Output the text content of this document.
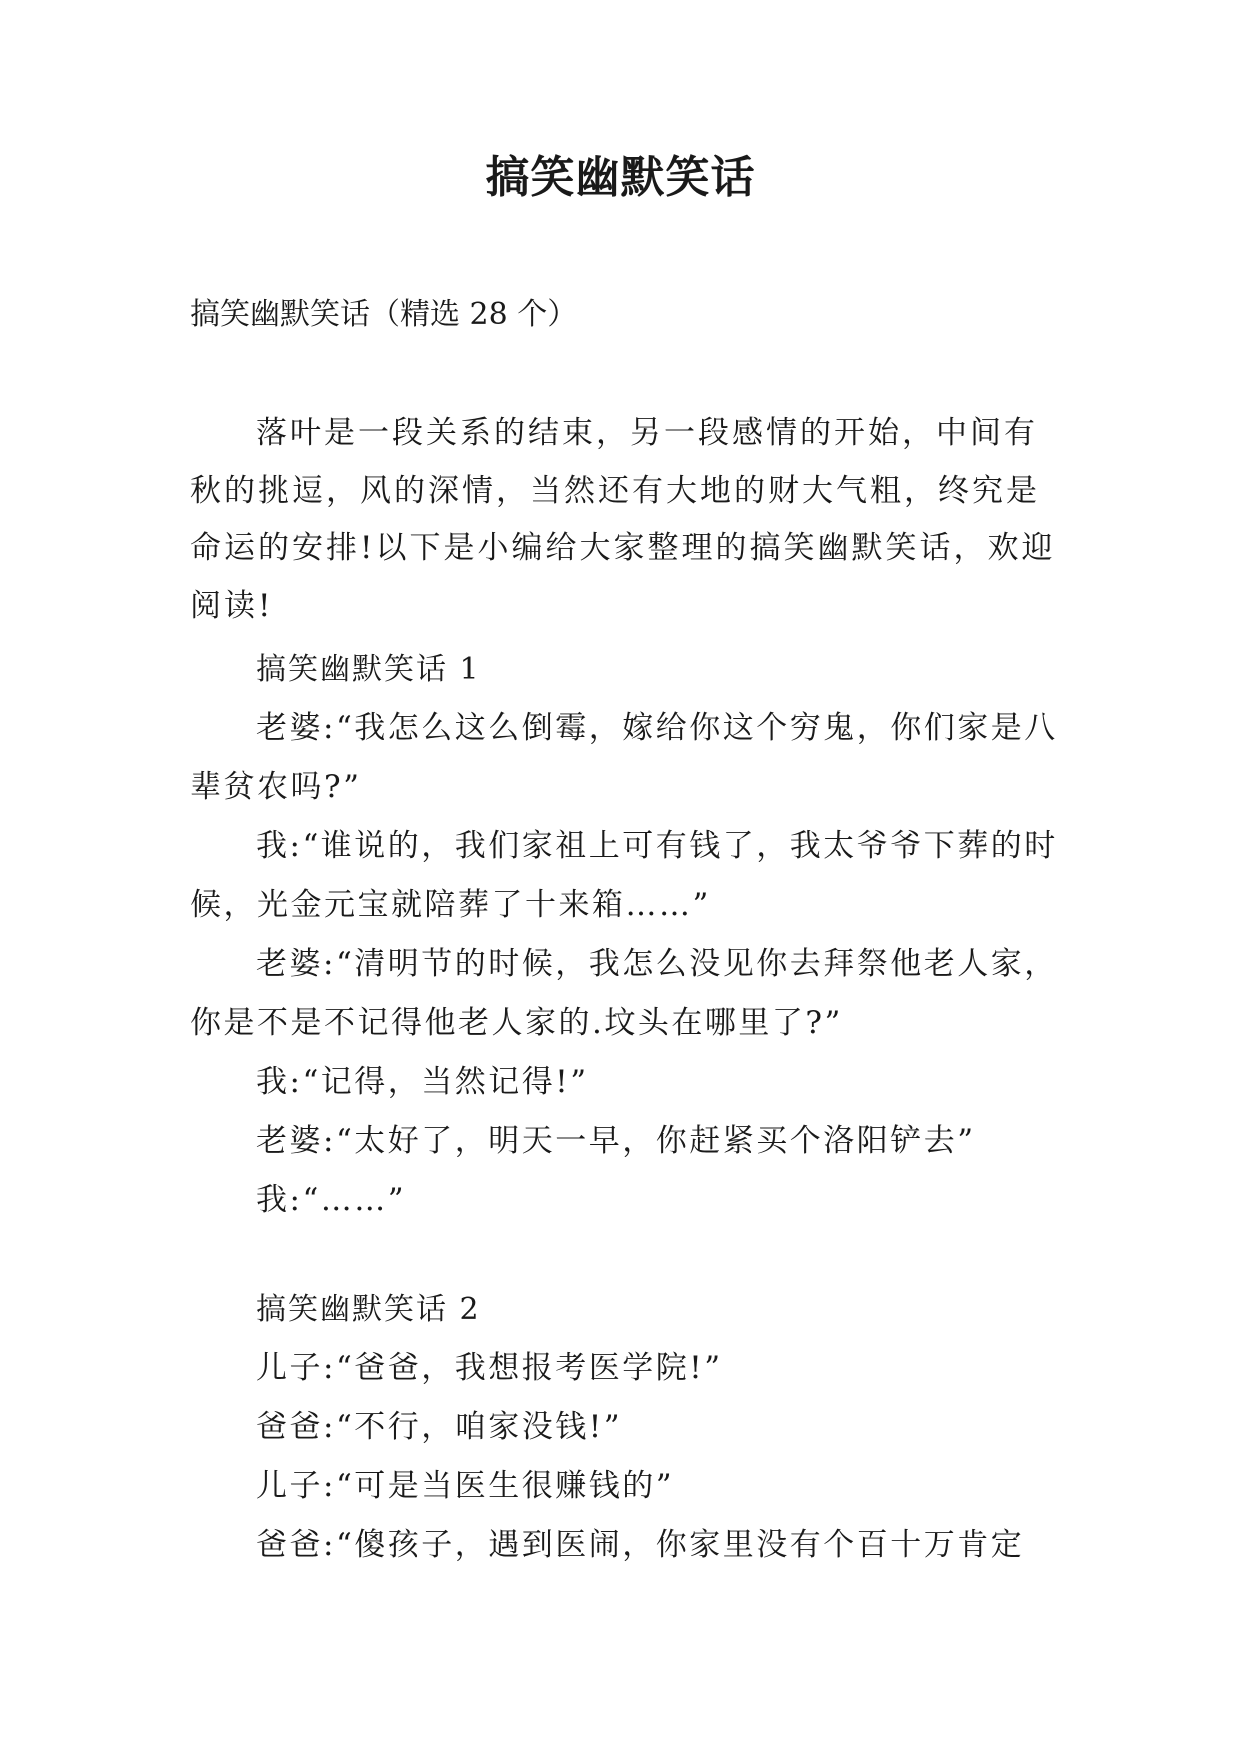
搞笑幽默笑话
搞笑幽默笑话（精选 28 个）

落叶是一段关系的结束，另一段感情的开始，中间有秋的挑逗，风的深情，当然还有大地的财大气粗，终究是命运的安排!以下是小编给大家整理的搞笑幽默笑话，欢迎阅读!

搞笑幽默笑话 1

老婆:“我怎么这么倒霉，嫁给你这个穷鬼，你们家是八辈贫农吗?”

我:“谁说的，我们家祖上可有钱了，我太爷爷下葬的时候，光金元宝就陪葬了十来箱……”

老婆:“清明节的时候，我怎么没见你去拜祭他老人家，你是不是不记得他老人家的.坟头在哪里了?”

我:“记得，当然记得!”

老婆:“太好了，明天一早，你赶紧买个洛阳铲去”

我:“……”

搞笑幽默笑话 2

儿子:“爸爸，我想报考医学院!”

爸爸:“不行，咱家没钱!”

儿子:“可是当医生很赚钱的”

爸爸:“傻孩子，遇到医闹，你家里没有个百十万肯定
